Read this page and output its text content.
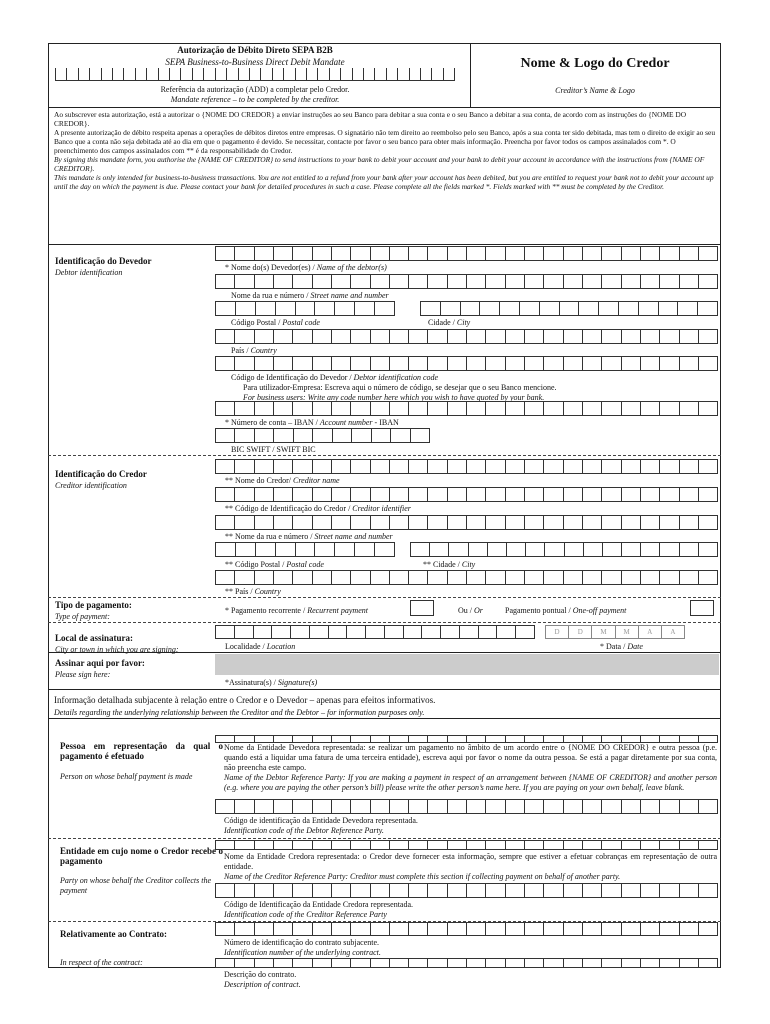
Autorização de Débito Direto SEPA B2B
SEPA Business-to-Business Direct Debit Mandate
Referência da autorização (ADD) a completar pelo Credor.
Mandate reference – to be completed by the creditor.
Nome & Logo do Credor
Creditor’s Name & Logo
Ao subscrever esta autorização, está a autorizar o {NOME DO CREDOR} a enviar instruções ao seu Banco para debitar a sua conta e o seu Banco a debitar a sua conta, de acordo com as instruções do {NOME DO CREDOR}.
A presente autorização de débito respeita apenas a operações de débitos diretos entre empresas. O signatário não tem direito ao reembolso pelo seu Banco, após a sua conta ter sido debitada, mas tem o direito de exigir ao seu Banco que a conta não seja debitada até ao dia em que o pagamento é devido. Se necessitar, contacte por favor o seu banco para obter mais informação. Preencha por favor todos os campos assinalados com *. O preenchimento dos campos assinalados com ** é da responsabilidade do Credor.
By signing this mandate form, you authorise the {NAME OF CREDITOR} to send instructions to your bank to debit your account and your bank to debit your account in accordance with the instructions from {NAME OF CREDITOR}.
This mandate is only intended for business-to-business transactions. You are not entitled to a refund from your bank after your account has been debited, but you are entitled to request your bank not to debit your account up until the day on which the payment is due. Please contact your bank for detailed procedures in such a case. Please complete all the fields marked *. Fields marked with ** must be completed by the Creditor.
Identificação do Devedor
Debtor identification
* Nome do(s) Devedor(es) / Name of the debtor(s)
Nome da rua e número / Street name and number
Código Postal / Postal code	Cidade / City
País / Country
Código de Identificação do Devedor / Debtor identification code
Para utilizador-Empresa: Escreva aqui o número de código, se desejar que o seu Banco mencione.
For business users: Write any code number here which you wish to have quoted by your bank.
* Número de conta – IBAN / Account number - IBAN
BIC SWIFT / SWIFT BIC
Identificação do Credor
Creditor identification
** Nome do Credor/ Creditor name
** Código de Identificação do Credor / Creditor identifier
** Nome da rua e número / Street name and number
** Código Postal / Postal code	** Cidade / City
** País / Country
Tipo de pagamento:
Type of payment:
* Pagamento recorrente / Recurrent payment	Ou / Or	Pagamento pontual / One-off payment
Local de assinatura:
City or town in which you are signing:	Localidade / Location
D	D	M	M	A	A
* Data / Date
Assinar aqui por favor:
Please sign here:
*Assinatura(s) / Signature(s)
Informação detalhada subjacente à relação entre o Credor e o Devedor – apenas para efeitos informativos.
Details regarding the underlying relationship between the Creditor and the Debtor – for information purposes only.
Pessoa em representação da qual o pagamento é efetuado
Person on whose behalf payment is made
Nome da Entidade Devedora representada: se realizar um pagamento no âmbito de um acordo entre o {NOME DO CREDOR} e outra pessoa (p.e. quando está a liquidar uma fatura de uma terceira entidade), escreva aqui por favor o nome da outra pessoa. Se está a pagar diretamente por sua conta, não preencha este campo.
Name of the Debtor Reference Party: If you are making a payment in respect of an arrangement between {NAME OF CREDITOR} and another person (e.g. where you are paying the other person’s bill) please write the other person’s name here. If you are paying on your own behalf, leave blank.
Código de identificação da Entidade Devedora representada.
Identification code of the Debtor Reference Party.
Entidade em cujo nome o Credor recebe o pagamento
Party on whose behalf the Creditor collects the payment
Nome da Entidade Credora representada: o Credor deve fornecer esta informação, sempre que estiver a efetuar cobranças em representação de outra entidade.
Name of the Creditor Reference Party: Creditor must complete this section if collecting payment on behalf of another party.
Código de Identificação da Entidade Credora representada.
Identification code of the Creditor Reference Party
Relativamente ao Contrato:
In respect of the contract:
Número de identificação do contrato subjacente.
Identification number of the underlying contract.
Descrição do contrato.
Description of contract.
